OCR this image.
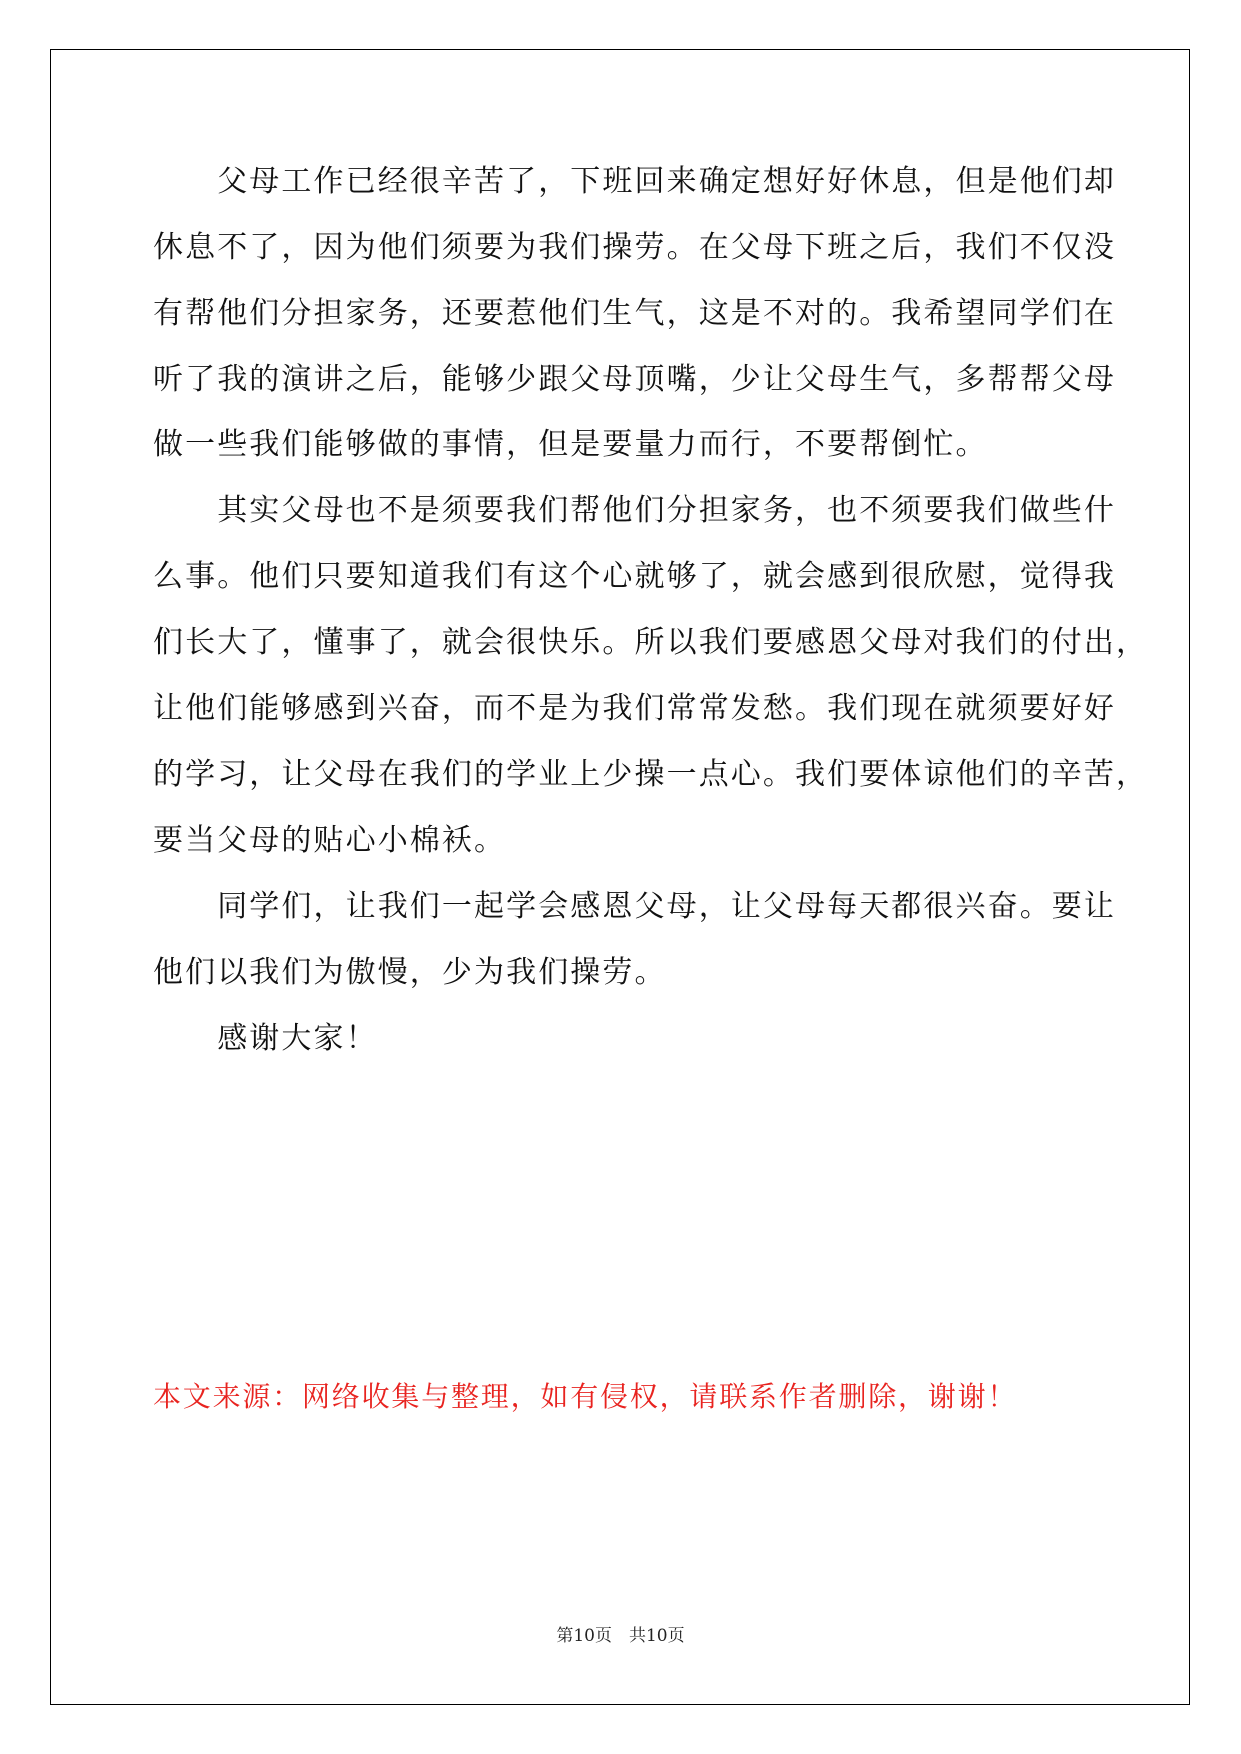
　　父母工作已经很辛苦了，下班回来确定想好好休息，但是他们却

休息不了，因为他们须要为我们操劳。在父母下班之后，我们不仅没

有帮他们分担家务，还要惹他们生气，这是不对的。我希望同学们在

听了我的演讲之后，能够少跟父母顶嘴，少让父母生气，多帮帮父母

做一些我们能够做的事情，但是要量力而行，不要帮倒忙。

　　其实父母也不是须要我们帮他们分担家务，也不须要我们做些什

么事。他们只要知道我们有这个心就够了，就会感到很欣慰，觉得我

们长大了，懂事了，就会很快乐。所以我们要感恩父母对我们的付出，

让他们能够感到兴奋，而不是为我们常常发愁。我们现在就须要好好

的学习，让父母在我们的学业上少操一点心。我们要体谅他们的辛苦，

要当父母的贴心小棉袄。

　　同学们，让我们一起学会感恩父母，让父母每天都很兴奋。要让

他们以我们为傲慢，少为我们操劳。

　　感谢大家！

本文来源：网络收集与整理，如有侵权，请联系作者删除，谢谢！

第10页　共10页
